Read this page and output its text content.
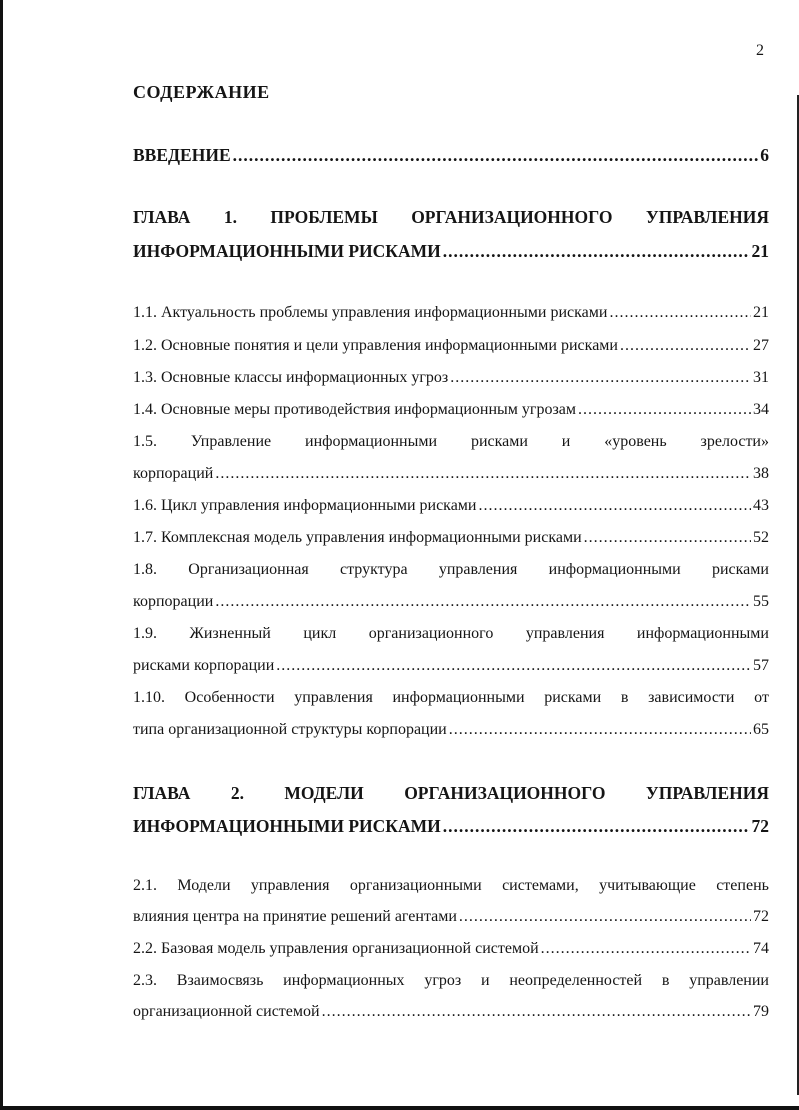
2
СОДЕРЖАНИЕ
ВВЕДЕНИЕ .....	6
ГЛАВА 1. ПРОБЛЕМЫ ОРГАНИЗАЦИОННОГО УПРАВЛЕНИЯ
ИНФОРМАЦИОННЫМИ РИСКАМИ .....	21
1.1. Актуальность проблемы управления информационными рисками .....	21
1.2. Основные понятия и цели управления информационными рисками .....	27
1.3. Основные классы информационных угроз .....	31
1.4. Основные меры противодействия информационным угрозам .....	34
1.5. Управление информационными рисками и «уровень зрелости»
корпораций .....	38
1.6. Цикл управления информационными рисками .....	43
1.7. Комплексная модель управления информационными рисками .....	52
1.8. Организационная структура управления информационными рисками
корпорации .....	55
1.9. Жизненный цикл организационного управления информационными
рисками корпорации .....	57
1.10. Особенности управления информационными рисками в зависимости от
типа организационной структуры корпорации .....	65
ГЛАВА 2. МОДЕЛИ ОРГАНИЗАЦИОННОГО УПРАВЛЕНИЯ
ИНФОРМАЦИОННЫМИ РИСКАМИ .....	72
2.1. Модели управления организационными системами, учитывающие степень
влияния центра на принятие решений агентами .....	72
2.2. Базовая модель управления организационной системой .....	74
2.3. Взаимосвязь информационных угроз и неопределенностей в управлении
организационной системой .....	79
